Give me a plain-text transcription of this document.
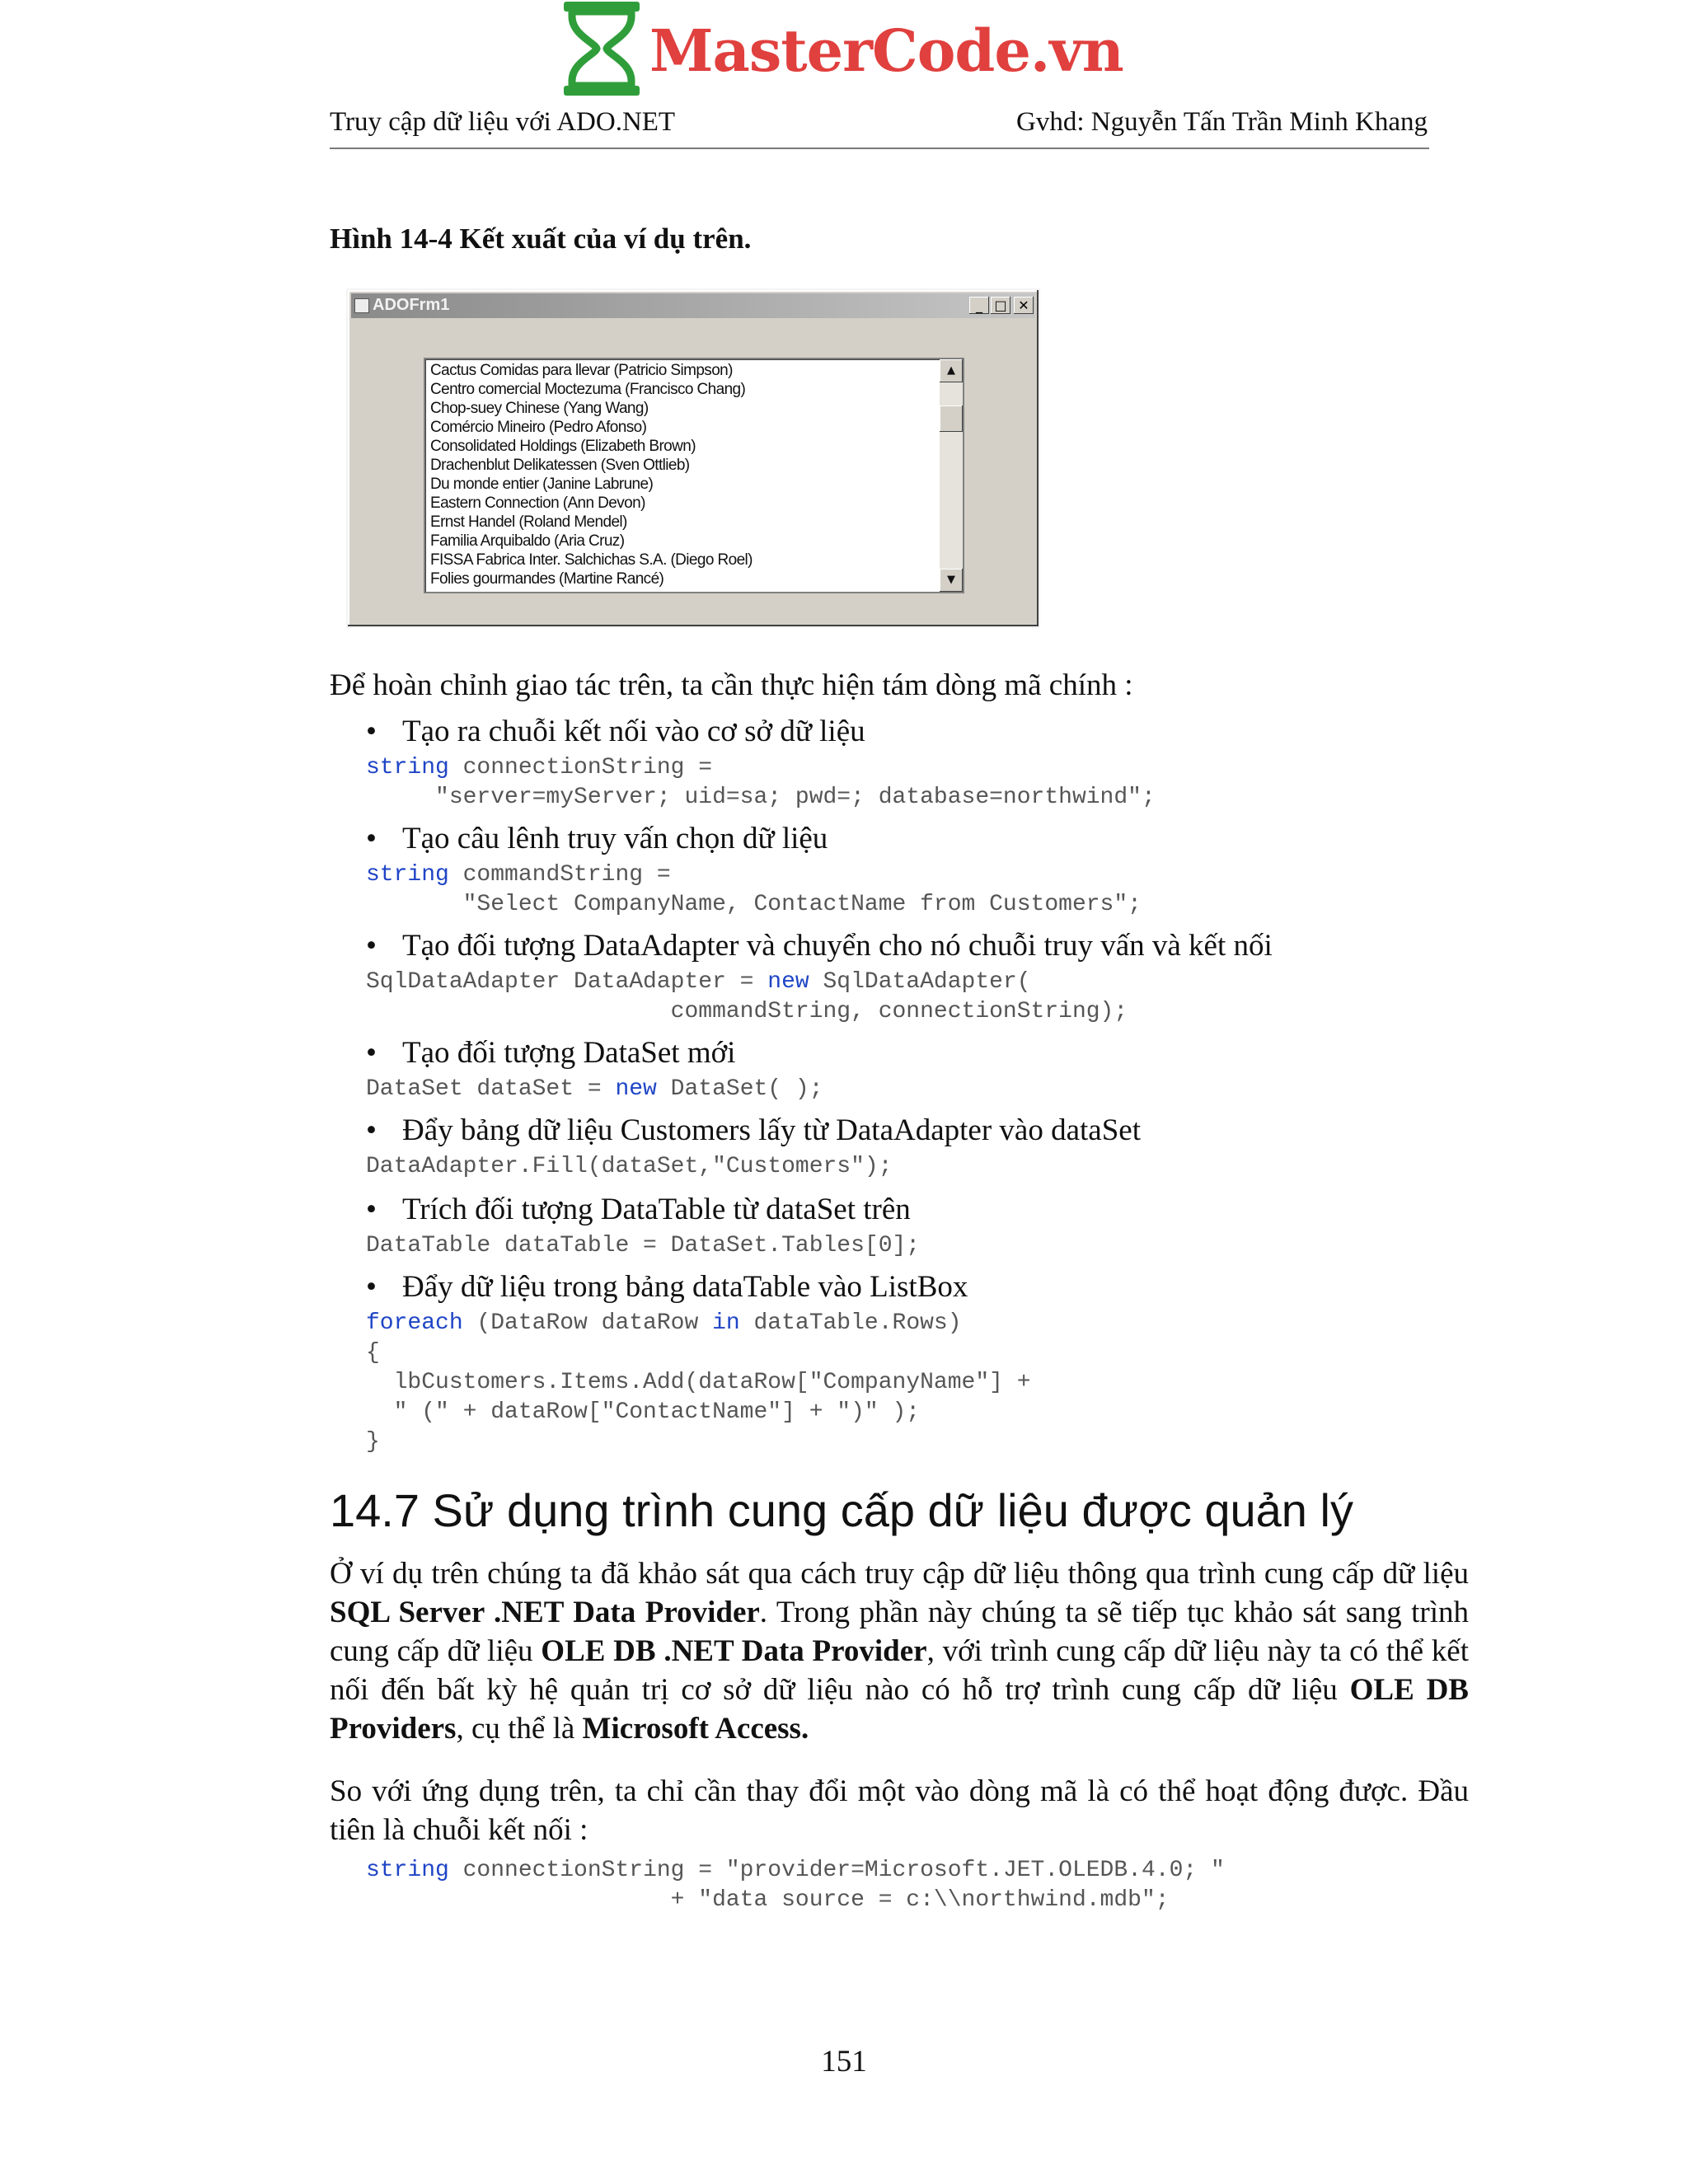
MasterCode.vn
Truy cập dữ liệu với ADO.NET	Gvhd: Nguyễn Tấn Trần Minh Khang
Hình 14-4 Kết xuất của ví dụ trên.
ADOFrm1	_ □ ✕
Cactus Comidas para llevar (Patricio Simpson)
Centro comercial Moctezuma (Francisco Chang)
Chop-suey Chinese (Yang Wang)
Comércio Mineiro (Pedro Afonso)
Consolidated Holdings (Elizabeth Brown)
Drachenblut Delikatessen (Sven Ottlieb)
Du monde entier (Janine Labrune)
Eastern Connection (Ann Devon)
Ernst Handel (Roland Mendel)
Familia Arquibaldo (Aria Cruz)
FISSA Fabrica Inter. Salchichas S.A. (Diego Roel)
Folies gourmandes (Martine Rancé)
▲
▼
Để hoàn chỉnh giao tác trên, ta cần thực hiện tám dòng mã chính :
• Tạo ra chuỗi kết nối vào cơ sở dữ liệu
string connectionString =
"server=myServer; uid=sa; pwd=; database=northwind";
• Tạo câu lênh truy vấn chọn dữ liệu
string commandString =
"Select CompanyName, ContactName from Customers";
• Tạo đối tượng DataAdapter và chuyển cho nó chuỗi truy vấn và kết nối
SqlDataAdapter DataAdapter = new SqlDataAdapter(
commandString, connectionString);
• Tạo đối tượng DataSet mới
DataSet dataSet = new DataSet( );
• Đẩy bảng dữ liệu Customers lấy từ DataAdapter vào dataSet
DataAdapter.Fill(dataSet,"Customers");
• Trích đối tượng DataTable từ dataSet trên
DataTable dataTable = DataSet.Tables[0];
• Đẩy dữ liệu trong bảng dataTable vào ListBox
foreach (DataRow dataRow in dataTable.Rows)
{
lbCustomers.Items.Add(dataRow["CompanyName"] +
" (" + dataRow["ContactName"] + ")" );
}
14.7 Sử dụng trình cung cấp dữ liệu được quản lý
Ở ví dụ trên chúng ta đã khảo sát qua cách truy cập dữ liệu thông qua trình cung cấp dữ liệu SQL Server .NET Data Provider. Trong phần này chúng ta sẽ tiếp tục khảo sát sang trình cung cấp dữ liệu OLE DB .NET Data Provider, với trình cung cấp dữ liệu này ta có thể kết nối đến bất kỳ hệ quản trị cơ sở dữ liệu nào có hỗ trợ trình cung cấp dữ liệu OLE DB Providers, cụ thể là Microsoft Access.
So với ứng dụng trên, ta chỉ cần thay đổi một vào dòng mã là có thể hoạt động được. Đầu tiên là chuỗi kết nối :
string connectionString = "provider=Microsoft.JET.OLEDB.4.0; "
+ "data source = c:\\northwind.mdb";
151
